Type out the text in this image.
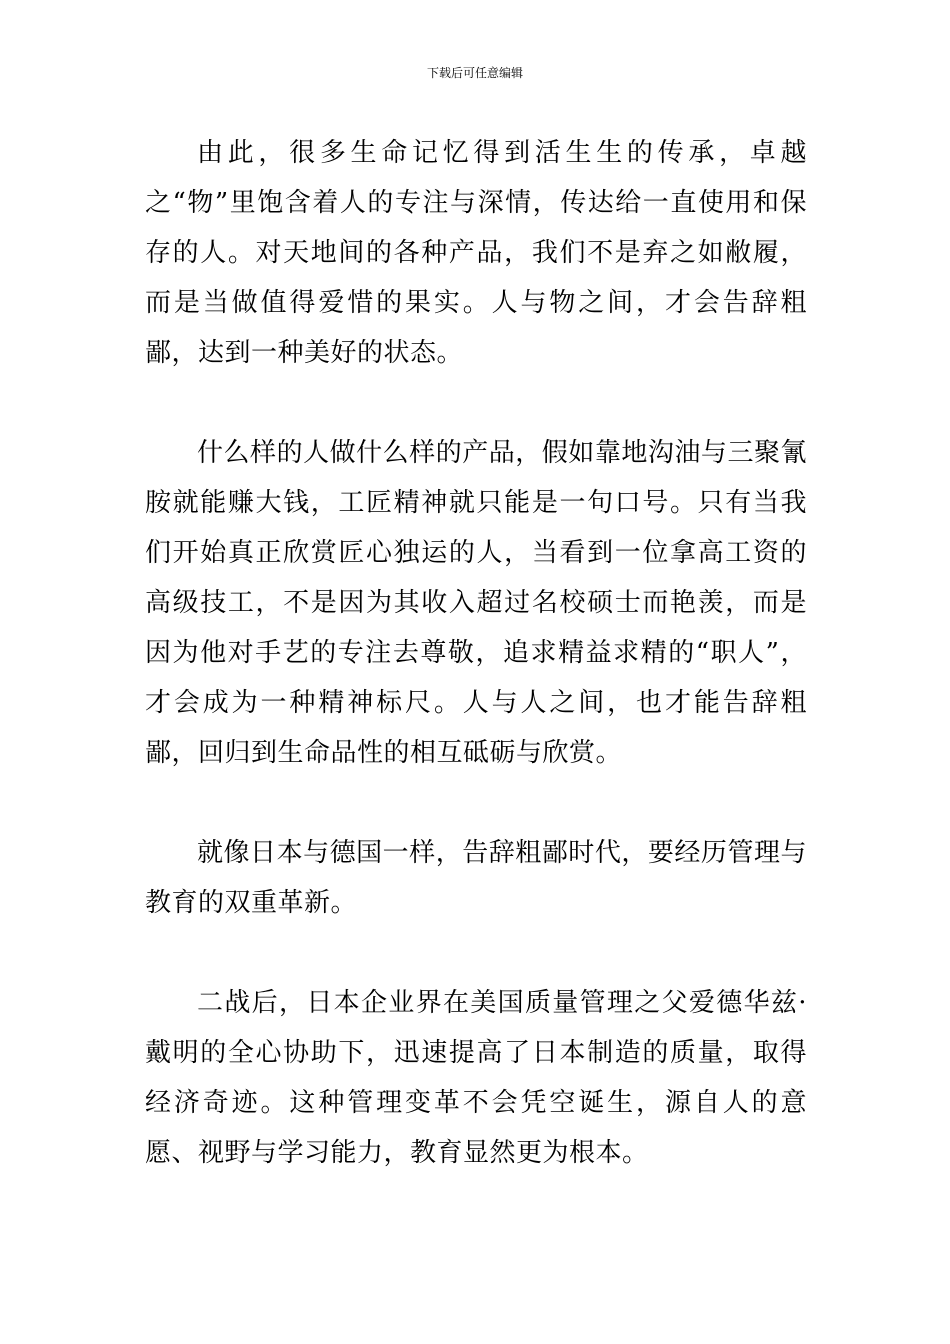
下载后可任意编辑

由此，很多生命记忆得到活生生的传承，卓越之“物”里饱含着人的专注与深情，传达给一直使用和保存的人。对天地间的各种产品，我们不是弃之如敝履，而是当做值得爱惜的果实。人与物之间，才会告辞粗鄙，达到一种美好的状态。

什么样的人做什么样的产品，假如靠地沟油与三聚氰胺就能赚大钱，工匠精神就只能是一句口号。只有当我们开始真正欣赏匠心独运的人，当看到一位拿高工资的高级技工，不是因为其收入超过名校硕士而艳羡，而是因为他对手艺的专注去尊敬，追求精益求精的“职人”，才会成为一种精神标尺。人与人之间，也才能告辞粗鄙，回归到生命品性的相互砥砺与欣赏。

就像日本与德国一样，告辞粗鄙时代，要经历管理与教育的双重革新。

二战后，日本企业界在美国质量管理之父爱德华兹·戴明的全心协助下，迅速提高了日本制造的质量，取得经济奇迹。这种管理变革不会凭空诞生，源自人的意愿、视野与学习能力，教育显然更为根本。
